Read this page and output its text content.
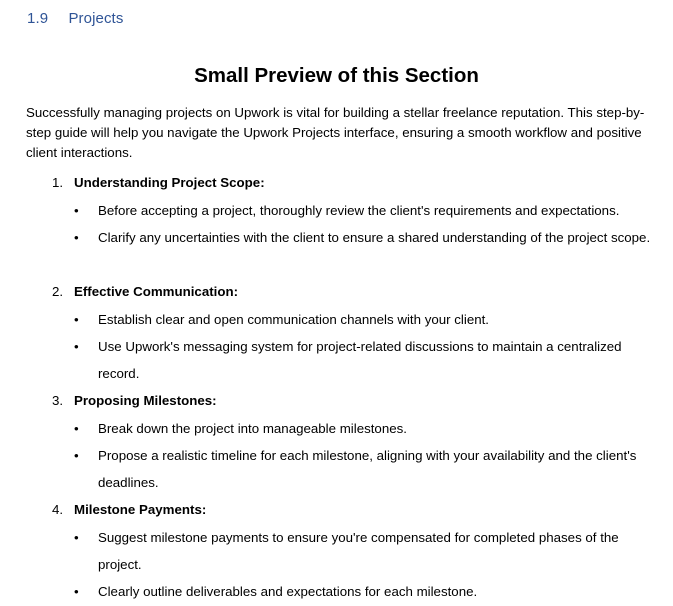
1.9 Projects
Small Preview of this Section

Successfully managing projects on Upwork is vital for building a stellar freelance reputation. This step-by-step guide will help you navigate the Upwork Projects interface, ensuring a smooth workflow and positive client interactions.

1. Understanding Project Scope:
• Before accepting a project, thoroughly review the client's requirements and expectations.
• Clarify any uncertainties with the client to ensure a shared understanding of the project scope.
2. Effective Communication:
• Establish clear and open communication channels with your client.
• Use Upwork's messaging system for project-related discussions to maintain a centralized record.
3. Proposing Milestones:
• Break down the project into manageable milestones.
• Propose a realistic timeline for each milestone, aligning with your availability and the client's deadlines.
4. Milestone Payments:
• Suggest milestone payments to ensure you're compensated for completed phases of the project.
• Clearly outline deliverables and expectations for each milestone.
